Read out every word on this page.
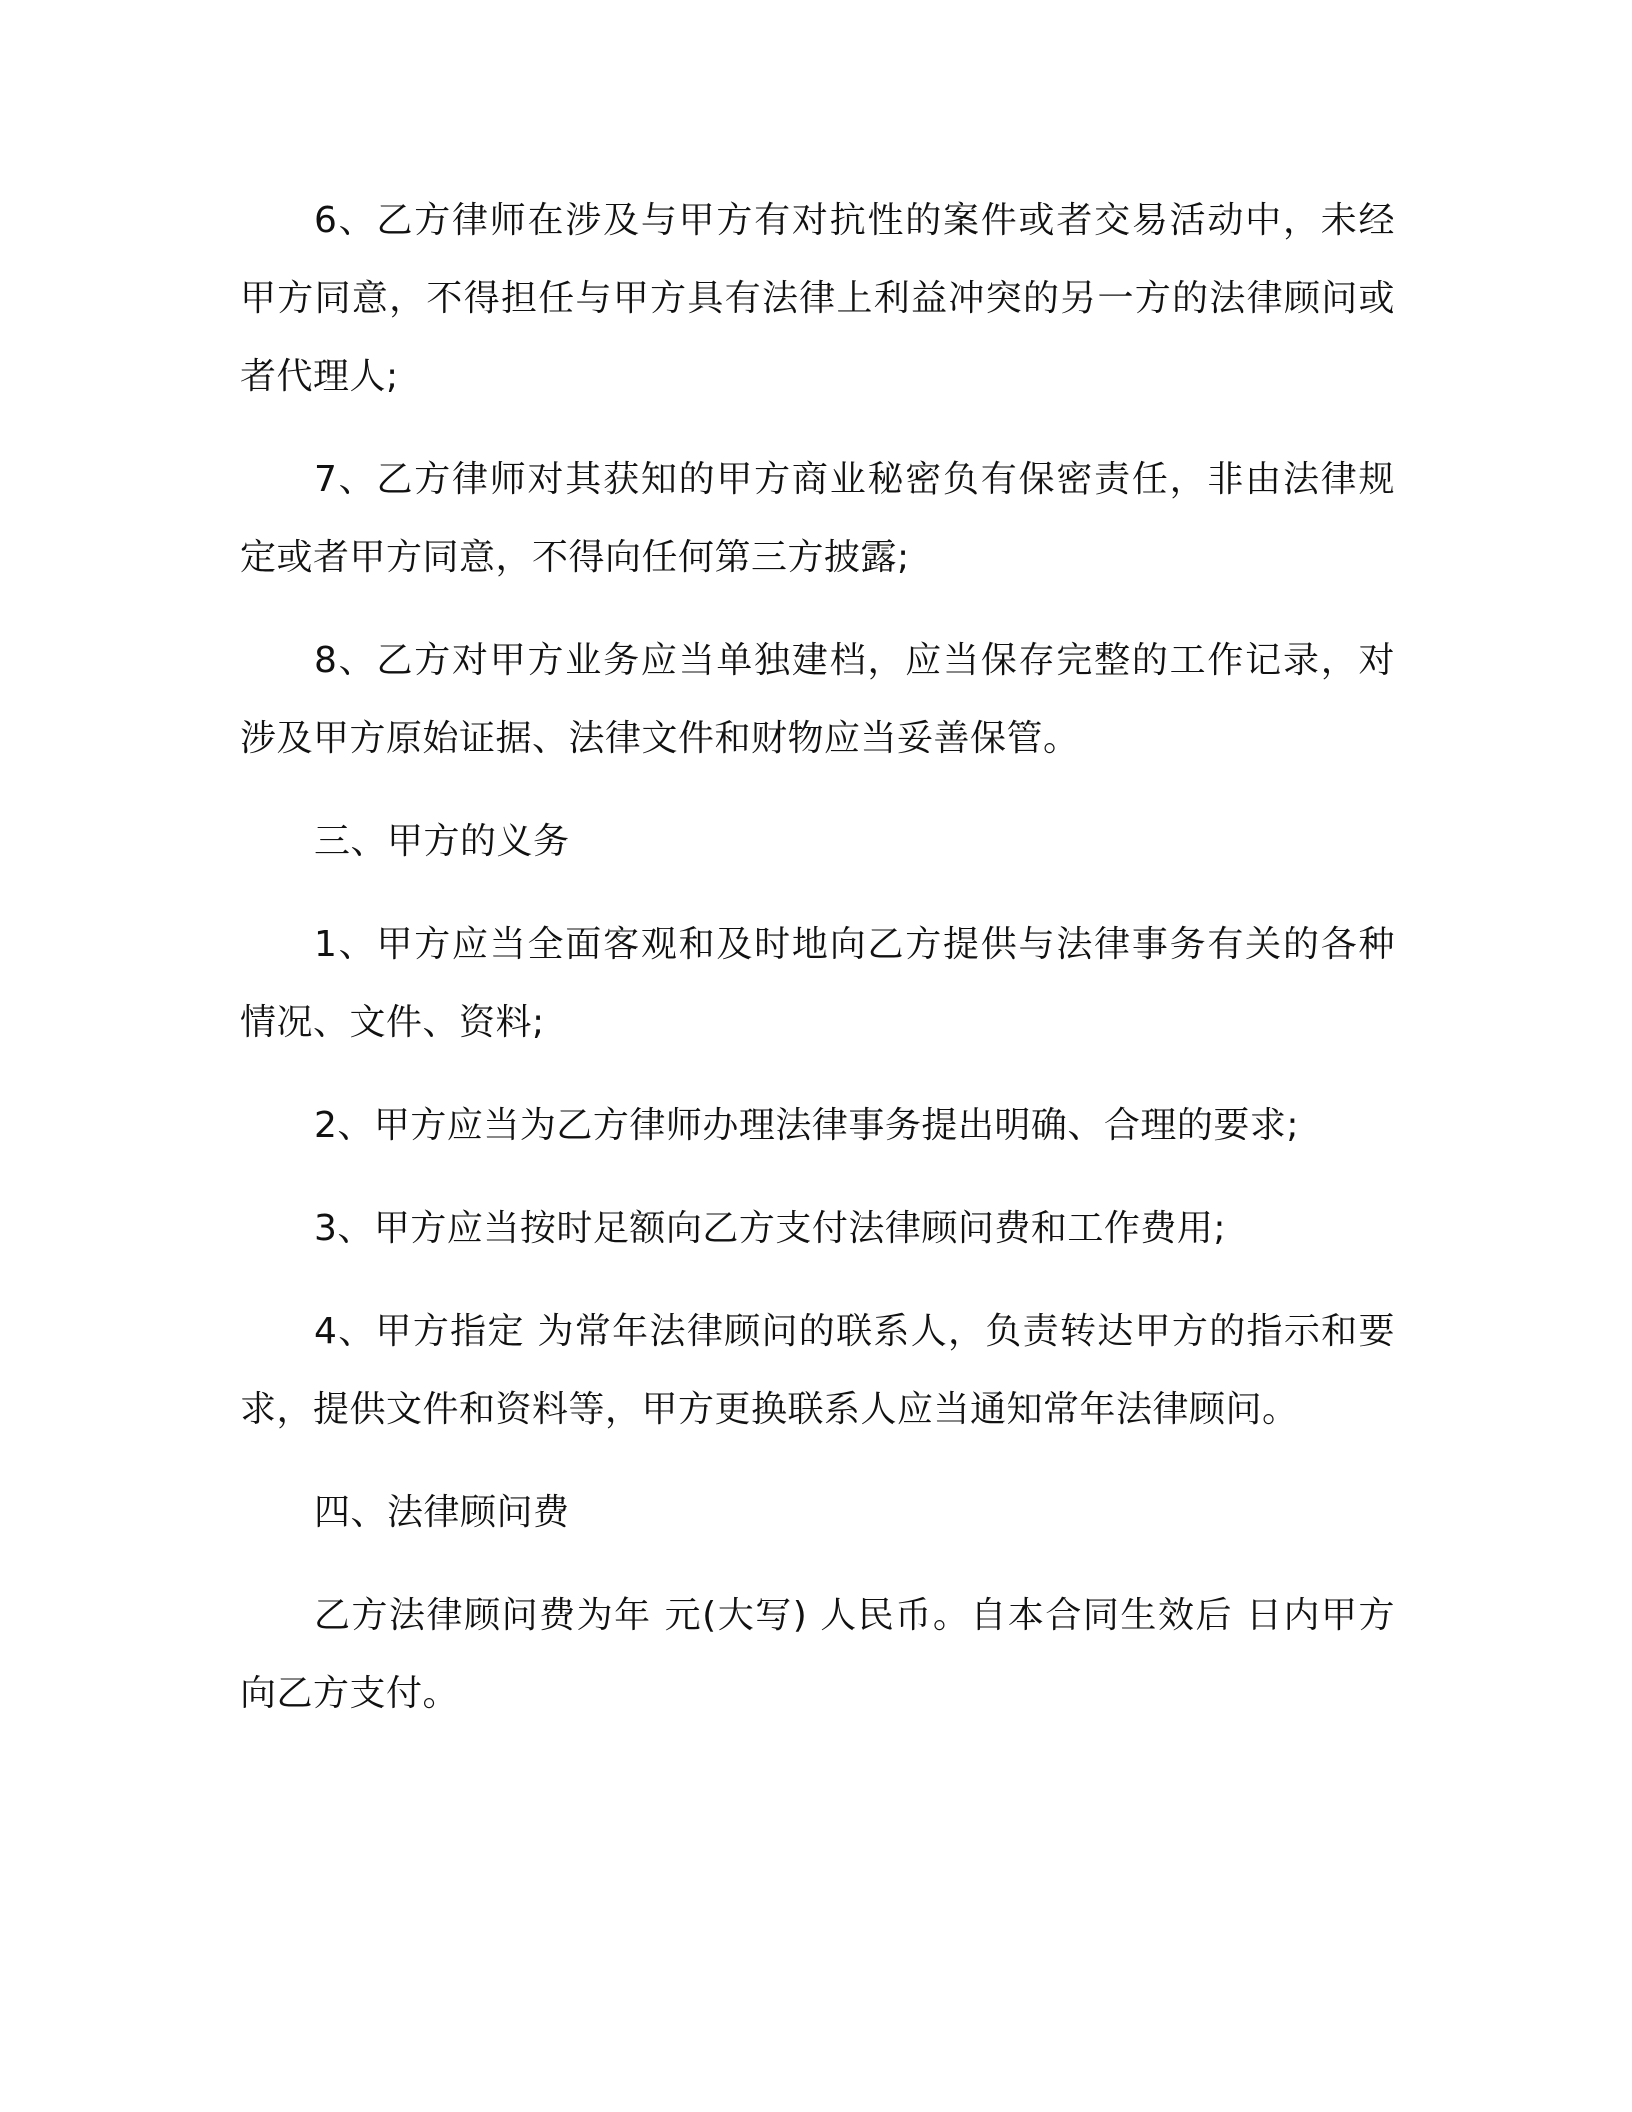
6、乙方律师在涉及与甲方有对抗性的案件或者交易活动中，未经甲方同意，不得担任与甲方具有法律上利益冲突的另一方的法律顾问或者代理人;

7、乙方律师对其获知的甲方商业秘密负有保密责任，非由法律规定或者甲方同意，不得向任何第三方披露;

8、乙方对甲方业务应当单独建档，应当保存完整的工作记录，对涉及甲方原始证据、法律文件和财物应当妥善保管。

三、甲方的义务

1、甲方应当全面客观和及时地向乙方提供与法律事务有关的各种情况、文件、资料;

2、甲方应当为乙方律师办理法律事务提出明确、合理的要求;

3、甲方应当按时足额向乙方支付法律顾问费和工作费用;

4、甲方指定 为常年法律顾问的联系人，负责转达甲方的指示和要求，提供文件和资料等，甲方更换联系人应当通知常年法律顾问。

四、法律顾问费

乙方法律顾问费为年 元(大写) 人民币。自本合同生效后 日内甲方向乙方支付。
